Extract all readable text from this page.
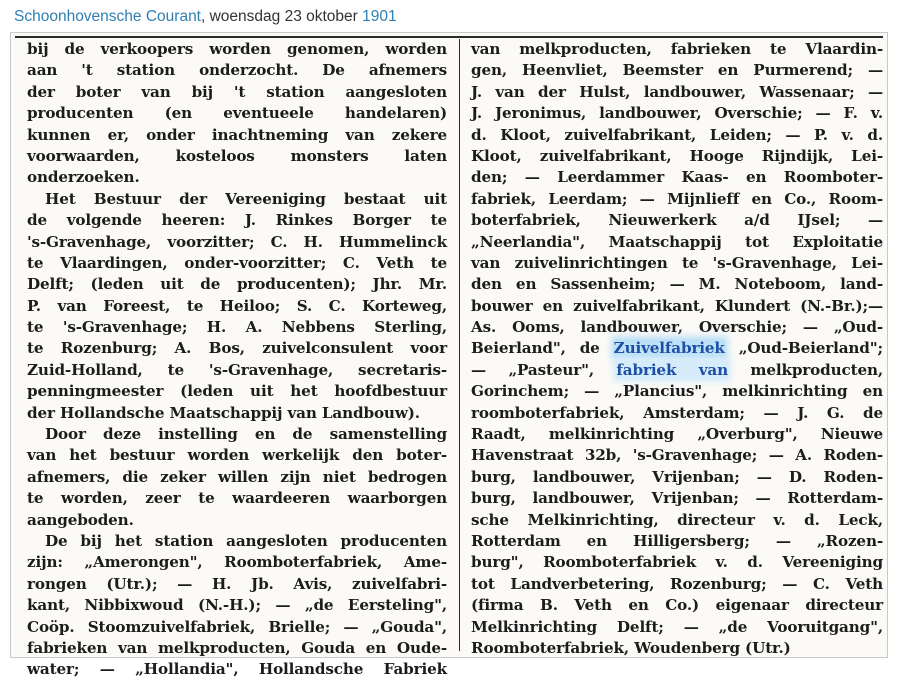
Schoonhovensche Courant, woensdag 23 oktober 1901
bij de verkoopers worden genomen, worden
aan 't station onderzocht. De afnemers
der boter van bij 't station aangesloten
producenten (en eventueele handelaren)
kunnen er, onder inachtneming van zekere
voorwaarden, kosteloos monsters laten
onderzoeken.
Het Bestuur der Vereeniging bestaat uit
de volgende heeren: J. Rinkes Borger te
's-Gravenhage, voorzitter; C. H. Hummelinck
te Vlaardingen, onder-voorzitter; C. Veth te
Delft; (leden uit de producenten); Jhr. Mr.
P. van Foreest, te Heiloo; S. C. Korteweg,
te 's-Gravenhage; H. A. Nebbens Sterling,
te Rozenburg; A. Bos, zuivelconsulent voor
Zuid-Holland, te 's-Gravenhage, secretaris-
penningmeester (leden uit het hoofdbestuur
der Hollandsche Maatschappij van Landbouw).
Door deze instelling en de samenstelling
van het bestuur worden werkelijk den boter-
afnemers, die zeker willen zijn niet bedrogen
te worden, zeer te waardeeren waarborgen
aangeboden.
De bij het station aangesloten producenten
zijn: „Amerongen", Roomboterfabriek, Ame-
rongen (Utr.); — H. Jb. Avis, zuivelfabri-
kant, Nibbixwoud (N.-H.); — „de Eersteling",
Coöp. Stoomzuivelfabriek, Brielle; — „Gouda",
fabrieken van melkproducten, Gouda en Oude-
water; — „Hollandia", Hollandsche Fabriek
van melkproducten, fabrieken te Vlaardin-
gen, Heenvliet, Beemster en Purmerend; —
J. van der Hulst, landbouwer, Wassenaar; —
J. Jeronimus, landbouwer, Overschie; — F. v.
d. Kloot, zuivelfabrikant, Leiden; — P. v. d.
Kloot, zuivelfabrikant, Hooge Rijndijk, Lei-
den; — Leerdammer Kaas- en Roomboter-
fabriek, Leerdam; — Mijnlieff en Co., Room-
boterfabriek, Nieuwerkerk a/d IJsel; —
„Neerlandia", Maatschappij tot Exploitatie
van zuivelinrichtingen te 's-Gravenhage, Lei-
den en Sassenheim; — M. Noteboom, land-
bouwer en zuivelfabrikant, Klundert (N.-Br.);—
As. Ooms, landbouwer, Overschie; — „Oud-
Beierland", de Zuivelfabriek „Oud-Beierland";
— „Pasteur", fabriek van melkproducten,
Gorinchem; — „Plancius", melkinrichting en
roomboterfabriek, Amsterdam; — J. G. de
Raadt, melkinrichting „Overburg", Nieuwe
Havenstraat 32b, 's-Gravenhage; — A. Roden-
burg, landbouwer, Vrijenban; — D. Roden-
burg, landbouwer, Vrijenban; — Rotterdam-
sche Melkinrichting, directeur v. d. Leck,
Rotterdam en Hilligersberg; — „Rozen-
burg", Roomboterfabriek v. d. Vereeniging
tot Landverbetering, Rozenburg; — C. Veth
(firma B. Veth en Co.) eigenaar directeur
Melkinrichting Delft; — „de Vooruitgang",
Roomboterfabriek, Woudenberg (Utr.)
